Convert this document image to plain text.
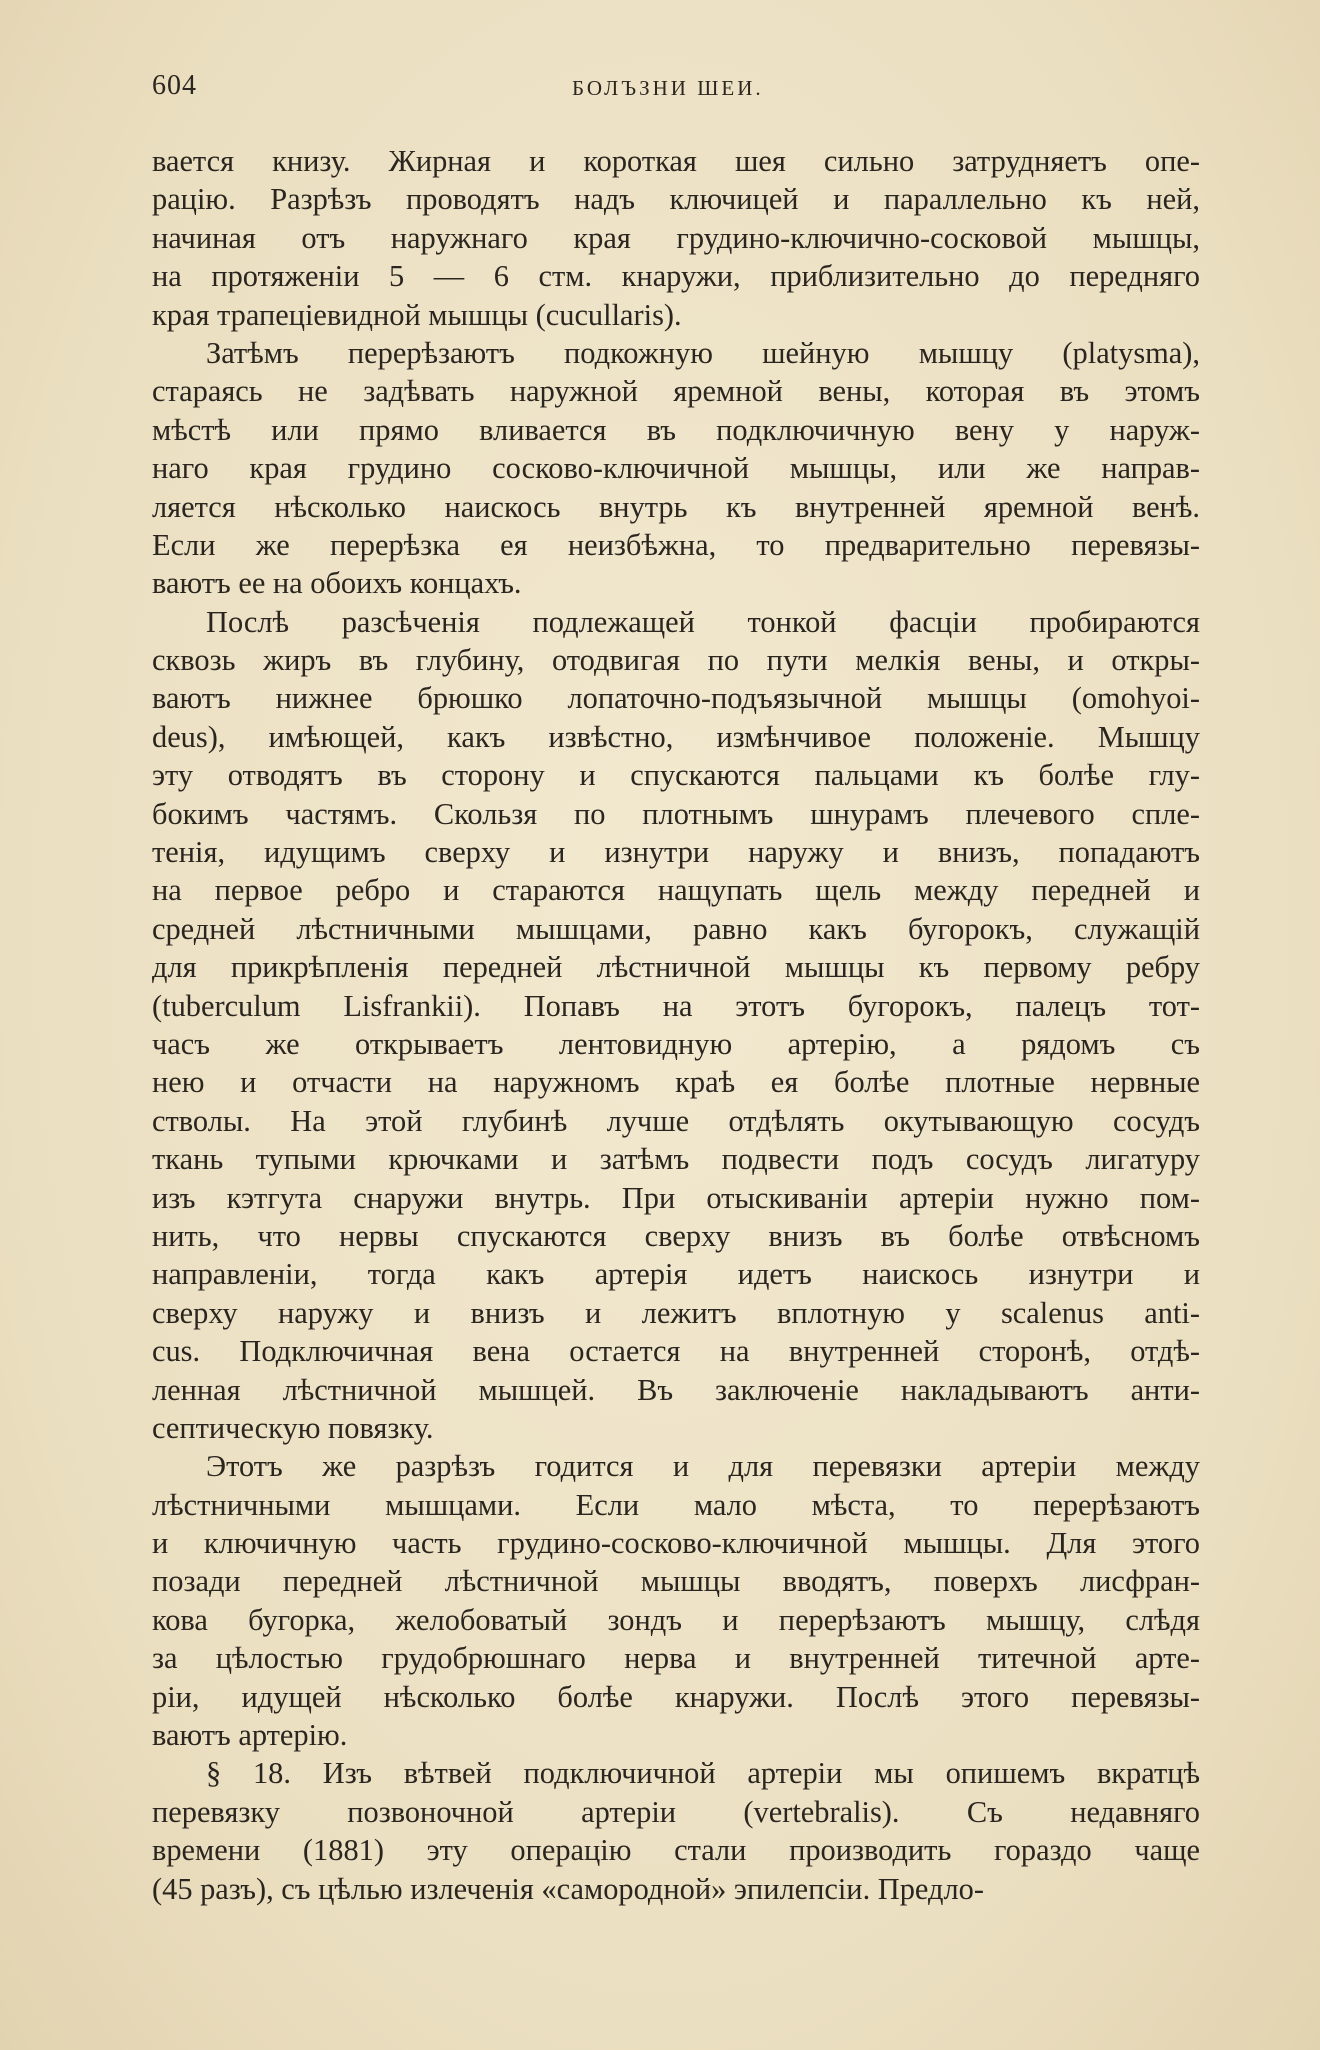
604	БОЛЪЗНИ ШЕИ.
вается книзу. Жирная и короткая шея сильно затрудняетъ опе-
рацію. Разрѣзъ проводятъ надъ ключицей и параллельно къ ней,
начиная отъ наружнаго края грудино-ключично-сосковой мышцы,
на протяженіи 5 — 6 стм. кнаружи, приблизительно до передняго
края трапеціевидной мышцы (cucullaris).
Затѣмъ перерѣзаютъ подкожную шейную мышцу (platysma),
стараясь не задѣвать наружной яремной вены, которая въ этомъ
мѣстѣ или прямо вливается въ подключичную вену у наруж-
наго края грудино сосково-ключичной мышцы, или же направ-
ляется нѣсколько наискось внутрь къ внутренней яремной венѣ.
Если же перерѣзка ея неизбѣжна, то предварительно перевязы-
ваютъ ее на обоихъ концахъ.
Послѣ разсѣченія подлежащей тонкой фасціи пробираются
сквозь жиръ въ глубину, отодвигая по пути мелкія вены, и откры-
ваютъ нижнее брюшко лопаточно-подъязычной мышцы (omohyoi-
deus), имѣющей, какъ извѣстно, измѣнчивое положеніе. Мышцу
эту отводятъ въ сторону и спускаются пальцами къ болѣе глу-
бокимъ частямъ. Скользя по плотнымъ шнурамъ плечевого спле-
тенія, идущимъ сверху и изнутри наружу и внизъ, попадаютъ
на первое ребро и стараются нащупать щель между передней и
средней лѣстничными мышцами, равно какъ бугорокъ, служащій
для прикрѣпленія передней лѣстничной мышцы къ первому ребру
(tuberculum Lisfrankii). Попавъ на этотъ бугорокъ, палецъ тот-
часъ же открываетъ лентовидную артерію, а рядомъ съ
нею и отчасти на наружномъ краѣ ея болѣе плотные нервные
стволы. На этой глубинѣ лучше отдѣлять окутывающую сосудъ
ткань тупыми крючками и затѣмъ подвести подъ сосудъ лигатуру
изъ кэтгута снаружи внутрь. При отыскиваніи артеріи нужно пом-
нить, что нервы спускаются сверху внизъ въ болѣе отвѣсномъ
направленіи, тогда какъ артерія идетъ наискось изнутри и
сверху наружу и внизъ и лежитъ вплотную у scalenus anti-
cus. Подключичная вена остается на внутренней сторонѣ, отдѣ-
ленная лѣстничной мышцей. Въ заключеніе накладываютъ анти-
септическую повязку.
Этотъ же разрѣзъ годится и для перевязки артеріи между
лѣстничными мышцами. Если мало мѣста, то перерѣзаютъ
и ключичную часть грудино-сосково-ключичной мышцы. Для этого
позади передней лѣстничной мышцы вводятъ, поверхъ лисфран-
кова бугорка, желобоватый зондъ и перерѣзаютъ мышцу, слѣдя
за цѣлостью грудобрюшнаго нерва и внутренней титечной арте-
ріи, идущей нѣсколько болѣе кнаружи. Послѣ этого перевязы-
ваютъ артерію.
§ 18. Изъ вѣтвей подключичной артеріи мы опишемъ вкратцѣ
перевязку позвоночной артеріи (vertebralis). Съ недавняго
времени (1881) эту операцію стали производить гораздо чаще
(45 разъ), съ цѣлью излеченія «самородной» эпилепсіи. Предло-
